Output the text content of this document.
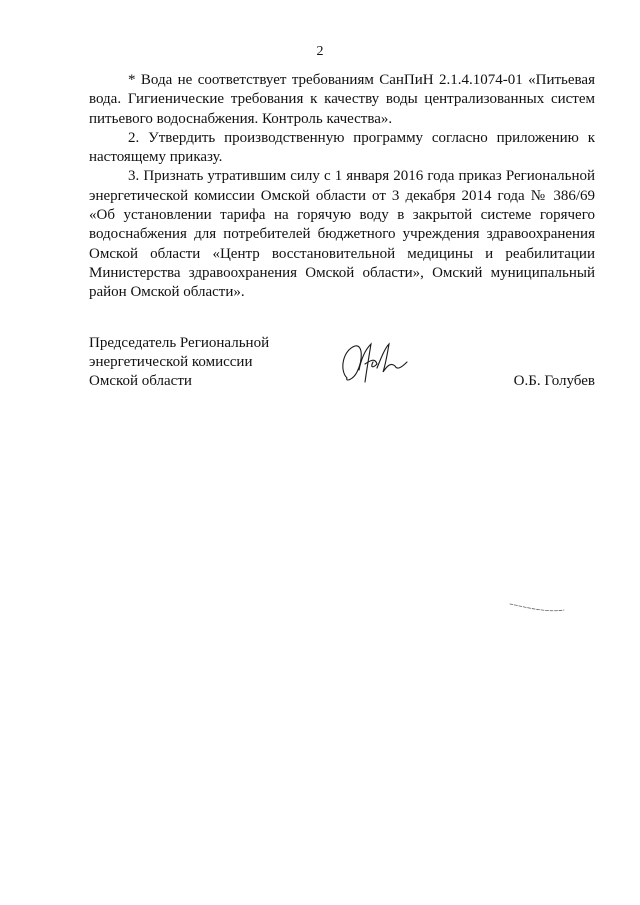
2

* Вода не соответствует требованиям СанПиН 2.1.4.1074-01 «Питьевая вода. Гигиенические требования к качеству воды централизованных систем питьевого водоснабжения. Контроль качества».

2. Утвердить производственную программу согласно приложению к настоящему приказу.

3. Признать утратившим силу с 1 января 2016 года приказ Региональной энергетической комиссии Омской области от 3 декабря 2014 года № 386/69 «Об установлении тарифа на горячую воду в закрытой системе горячего водоснабжения для потребителей бюджетного учреждения здравоохранения Омской области «Центр восстановительной медицины и реабилитации Министерства здравоохранения Омской области», Омский муниципальный район Омской области».

Председатель Региональной
энергетической комиссии
Омской области	О.Б. Голубев
